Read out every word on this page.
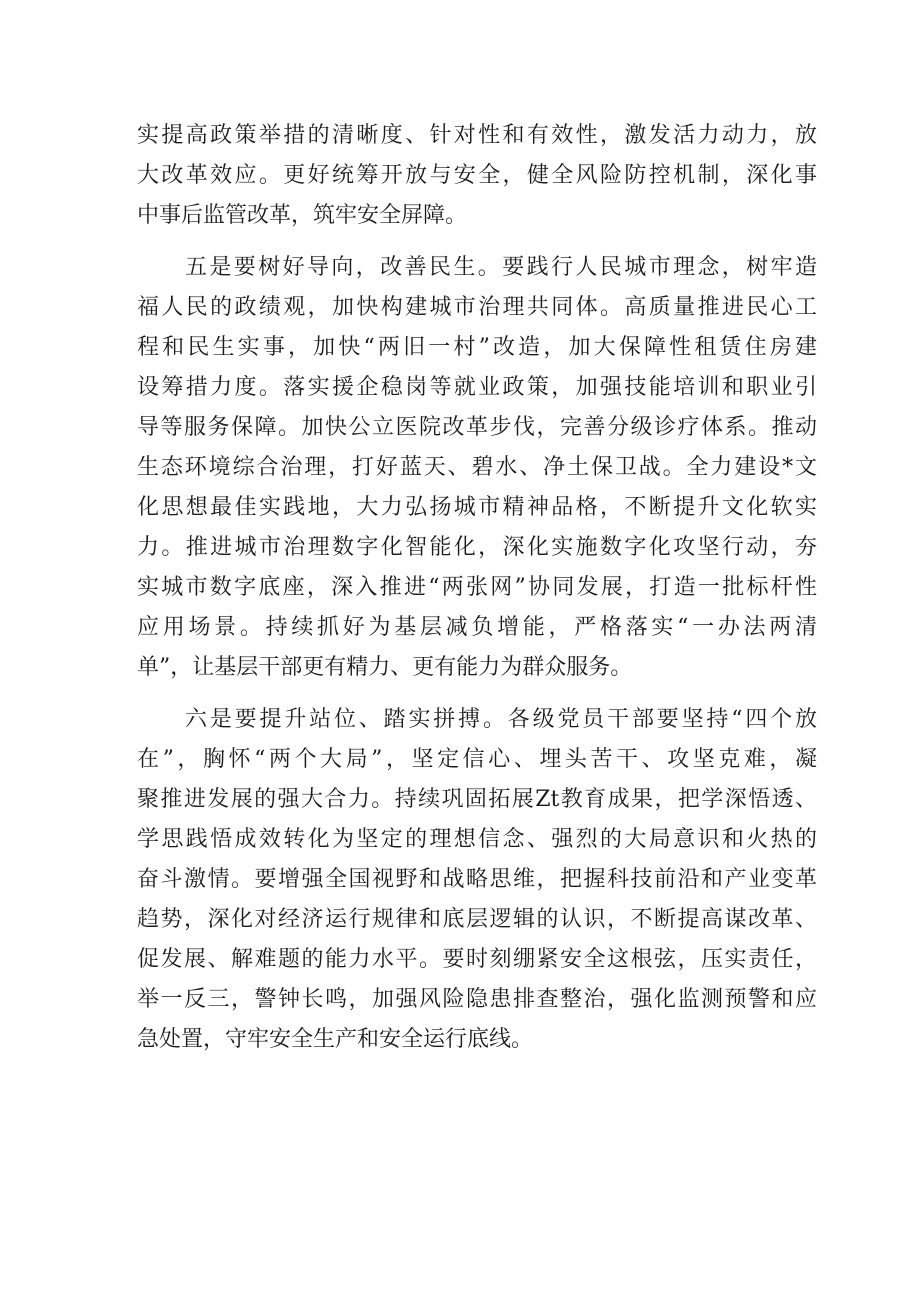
实提高政策举措的清晰度、针对性和有效性，激发活力动力，放
大改革效应。更好统筹开放与安全，健全风险防控机制，深化事
中事后监管改革，筑牢安全屏障。
五是要树好导向，改善民生。要践行人民城市理念，树牢造
福人民的政绩观，加快构建城市治理共同体。高质量推进民心工
程和民生实事，加快“两旧一村”改造，加大保障性租赁住房建
设筹措力度。落实援企稳岗等就业政策，加强技能培训和职业引
导等服务保障。加快公立医院改革步伐，完善分级诊疗体系。推动
生态环境综合治理，打好蓝天、碧水、净土保卫战。全力建设*文
化思想最佳实践地，大力弘扬城市精神品格，不断提升文化软实
力。推进城市治理数字化智能化，深化实施数字化攻坚行动，夯
实城市数字底座，深入推进“两张网”协同发展，打造一批标杆性
应用场景。持续抓好为基层减负增能，严格落实“一办法两清
单”，让基层干部更有精力、更有能力为群众服务。
六是要提升站位、踏实拼搏。各级党员干部要坚持“四个放
在”，胸怀“两个大局”，坚定信心、埋头苦干、攻坚克难，凝
聚推进发展的强大合力。持续巩固拓展Zt教育成果，把学深悟透、
学思践悟成效转化为坚定的理想信念、强烈的大局意识和火热的
奋斗激情。要增强全国视野和战略思维，把握科技前沿和产业变革
趋势，深化对经济运行规律和底层逻辑的认识，不断提高谋改革、
促发展、解难题的能力水平。要时刻绷紧安全这根弦，压实责任，
举一反三，警钟长鸣，加强风险隐患排查整治，强化监测预警和应
急处置，守牢安全生产和安全运行底线。
